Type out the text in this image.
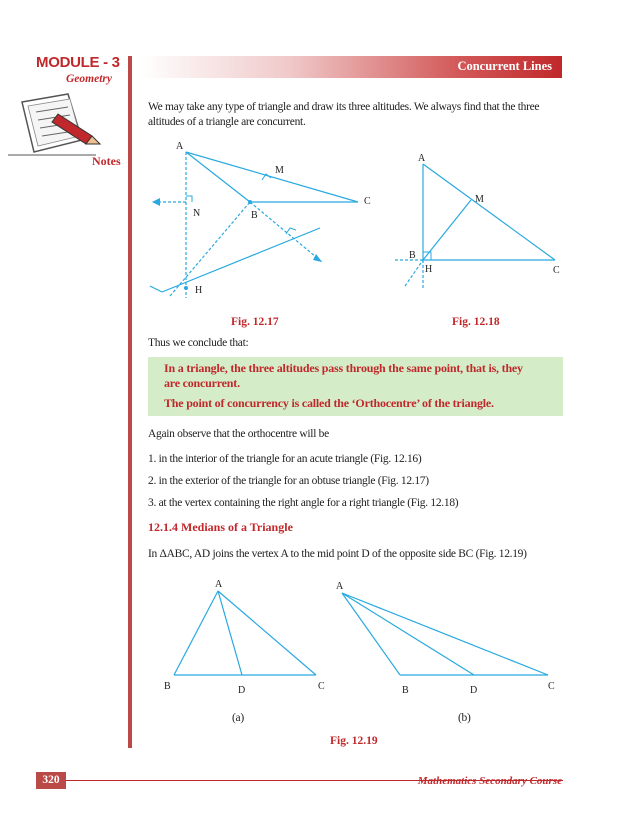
MODULE - 3
Geometry
Notes
Concurrent Lines
We may take any type of triangle and draw its three altitudes. We always find that the three
altitudes of a triangle are concurrent.
A
M
C
N	B
H
Fig. 12.17
A
M
B
H	C
Fig. 12.18
Thus we conclude that:

In a triangle, the three altitudes pass through the same point, that is, they

are concurrent.

The point of concurrency is called the ‘Orthocentre’ of the triangle.

Again observe that the orthocentre will be
1. in the interior of the triangle for an acute triangle (Fig. 12.16)
2. in the exterior of the triangle for an obtuse triangle (Fig. 12.17)
3. at the vertex containing the right angle for a right triangle (Fig. 12.18)
12.1.4 Medians of a Triangle
In ΔABC, AD joins the vertex A to the mid point D of the opposite side BC (Fig. 12.19)
A
B	D	C
(a)
A
B	D	C
(b)
Fig. 12.19
320	Mathematics Secondary Course
